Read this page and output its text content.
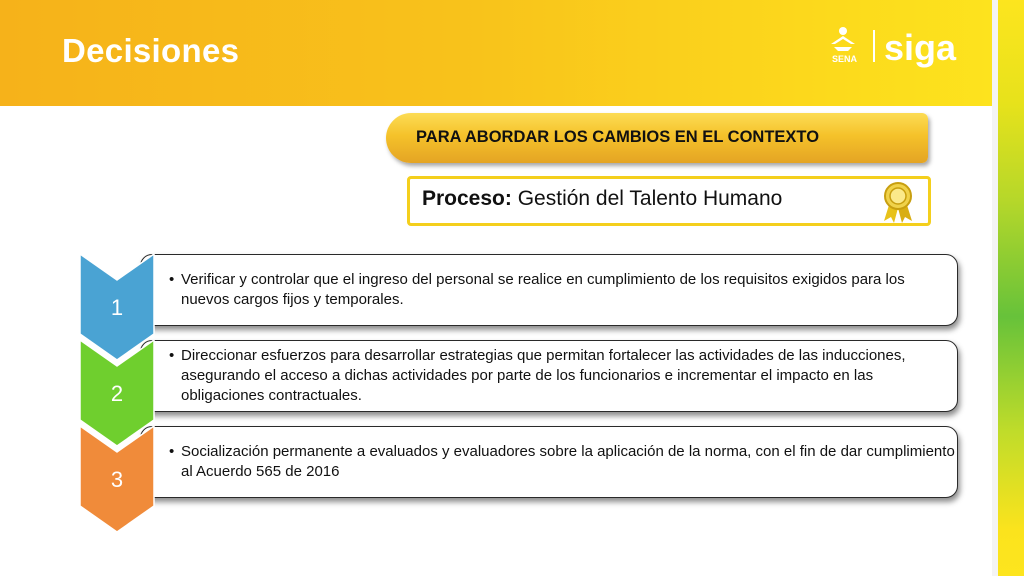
Decisiones	SENA siga
PARA ABORDAR LOS CAMBIOS EN EL CONTEXTO
Proceso: Gestión del Talento Humano
• Verificar y controlar que el ingreso del personal se realice en cumplimiento de los requisitos exigidos para los nuevos cargos fijos y temporales.
1
• Direccionar esfuerzos para desarrollar estrategias que permitan fortalecer las actividades de las inducciones, asegurando el acceso a dichas actividades por parte de los funcionarios e incrementar el impacto en las obligaciones contractuales.
2
• Socialización permanente a evaluados y evaluadores sobre la aplicación de la norma, con el fin de dar cumplimiento al Acuerdo 565 de 2016
3
